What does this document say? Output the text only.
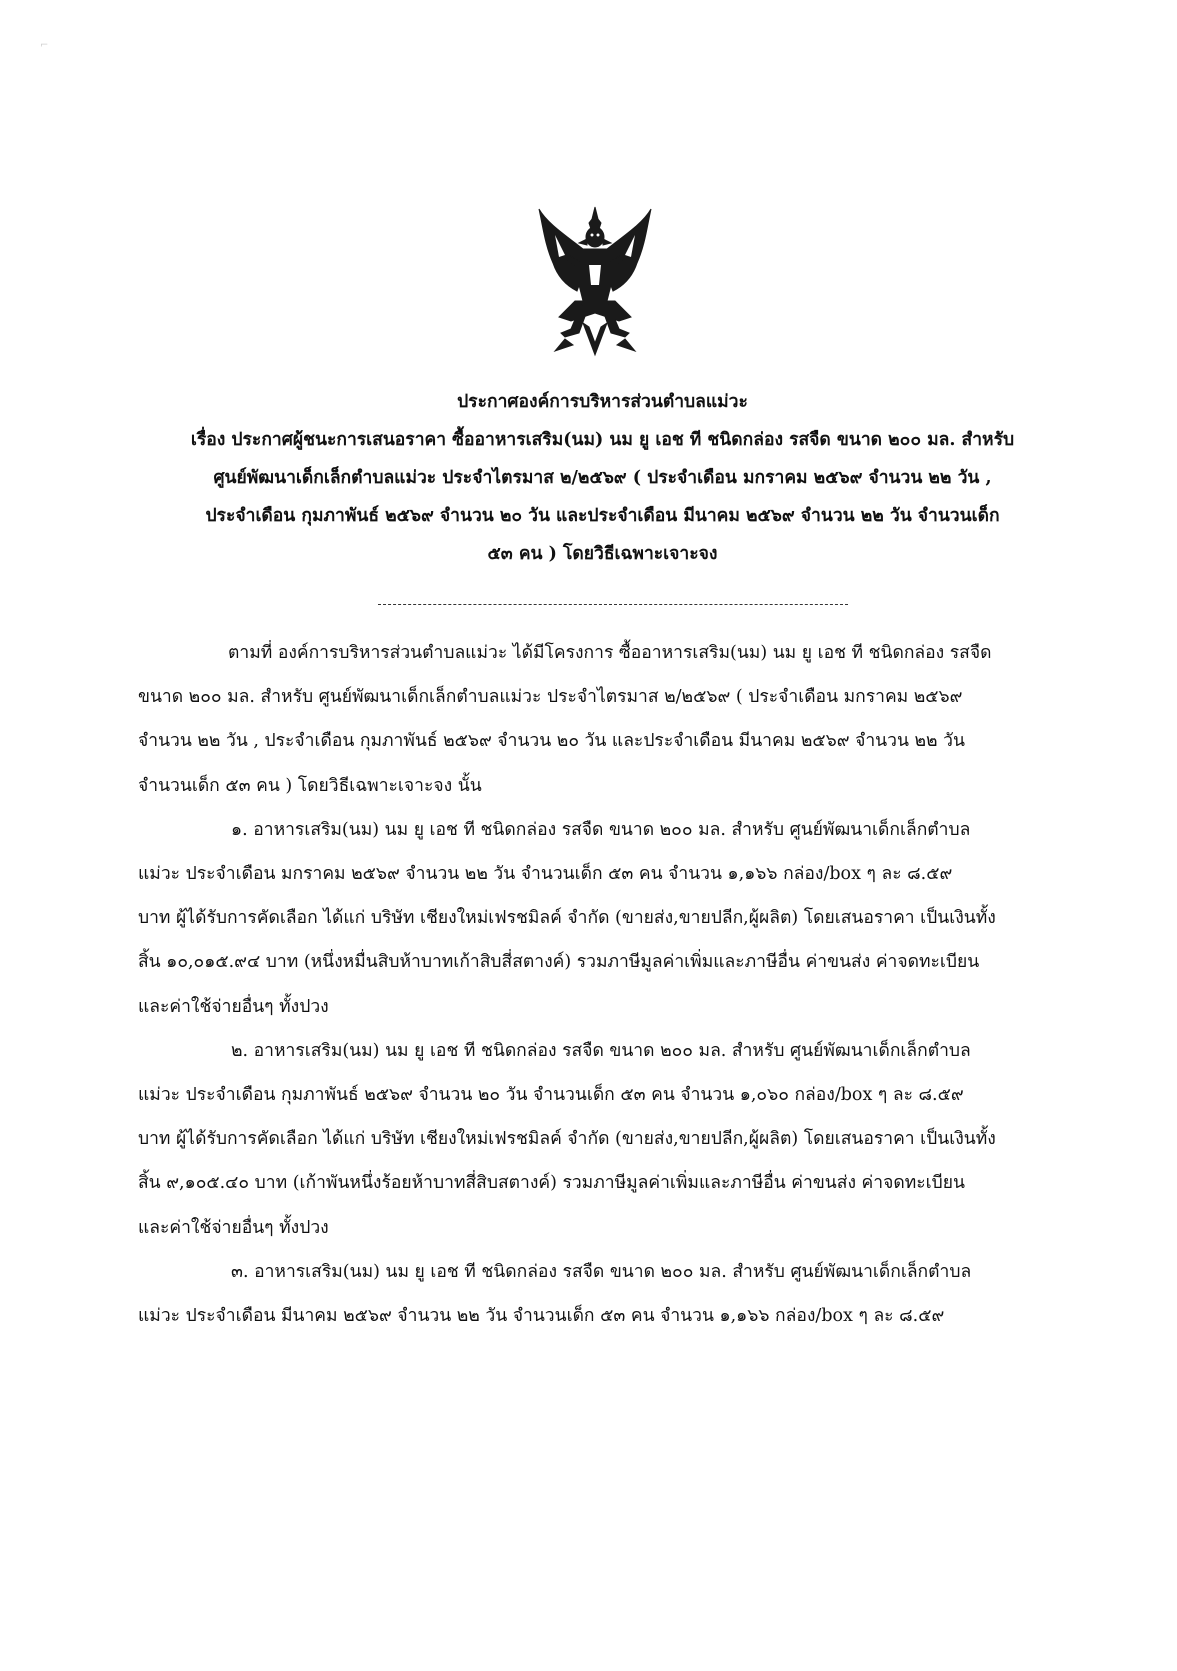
⌐
ประกาศองค์การบริหารส่วนตำบลแม่วะ
เรื่อง ประกาศผู้ชนะการเสนอราคา ซื้ออาหารเสริม(นม) นม ยู เอช ที ชนิดกล่อง รสจืด ขนาด ๒๐๐ มล. สำหรับ
ศูนย์พัฒนาเด็กเล็กตำบลแม่วะ ประจำไตรมาส ๒/๒๕๖๙ ( ประจำเดือน มกราคม ๒๕๖๙ จำนวน ๒๒ วัน ,
ประจำเดือน กุมภาพันธ์ ๒๕๖๙ จำนวน ๒๐ วัน และประจำเดือน มีนาคม ๒๕๖๙ จำนวน ๒๒ วัน จำนวนเด็ก
๕๓ คน ) โดยวิธีเฉพาะเจาะจง
ตามที่ องค์การบริหารส่วนตำบลแม่วะ ได้มีโครงการ ซื้ออาหารเสริม(นม) นม ยู เอช ที ชนิดกล่อง รสจืด
ขนาด ๒๐๐ มล. สำหรับ ศูนย์พัฒนาเด็กเล็กตำบลแม่วะ ประจำไตรมาส ๒/๒๕๖๙ ( ประจำเดือน มกราคม ๒๕๖๙
จำนวน ๒๒ วัน , ประจำเดือน กุมภาพันธ์ ๒๕๖๙ จำนวน ๒๐ วัน และประจำเดือน มีนาคม ๒๕๖๙ จำนวน ๒๒ วัน
จำนวนเด็ก ๕๓ คน ) โดยวิธีเฉพาะเจาะจง นั้น
๑. อาหารเสริม(นม) นม ยู เอช ที ชนิดกล่อง รสจืด ขนาด ๒๐๐ มล. สำหรับ ศูนย์พัฒนาเด็กเล็กตำบล
แม่วะ ประจำเดือน มกราคม ๒๕๖๙ จำนวน ๒๒ วัน จำนวนเด็ก ๕๓ คน จำนวน ๑,๑๖๖ กล่อง/box ๆ ละ ๘.๕๙
บาท ผู้ได้รับการคัดเลือก ได้แก่ บริษัท เชียงใหม่เฟรชมิลค์ จำกัด (ขายส่ง,ขายปลีก,ผู้ผลิต) โดยเสนอราคา เป็นเงินทั้ง
สิ้น ๑๐,๐๑๕.๙๔ บาท (หนึ่งหมื่นสิบห้าบาทเก้าสิบสี่สตางค์) รวมภาษีมูลค่าเพิ่มและภาษีอื่น ค่าขนส่ง ค่าจดทะเบียน
และค่าใช้จ่ายอื่นๆ ทั้งปวง
๒. อาหารเสริม(นม) นม ยู เอช ที ชนิดกล่อง รสจืด ขนาด ๒๐๐ มล. สำหรับ ศูนย์พัฒนาเด็กเล็กตำบล
แม่วะ ประจำเดือน กุมภาพันธ์ ๒๕๖๙ จำนวน ๒๐ วัน จำนวนเด็ก ๕๓ คน จำนวน ๑,๐๖๐ กล่อง/box ๆ ละ ๘.๕๙
บาท ผู้ได้รับการคัดเลือก ได้แก่ บริษัท เชียงใหม่เฟรชมิลค์ จำกัด (ขายส่ง,ขายปลีก,ผู้ผลิต) โดยเสนอราคา เป็นเงินทั้ง
สิ้น ๙,๑๐๕.๔๐ บาท (เก้าพันหนึ่งร้อยห้าบาทสี่สิบสตางค์) รวมภาษีมูลค่าเพิ่มและภาษีอื่น ค่าขนส่ง ค่าจดทะเบียน
และค่าใช้จ่ายอื่นๆ ทั้งปวง
๓. อาหารเสริม(นม) นม ยู เอช ที ชนิดกล่อง รสจืด ขนาด ๒๐๐ มล. สำหรับ ศูนย์พัฒนาเด็กเล็กตำบล
แม่วะ ประจำเดือน มีนาคม ๒๕๖๙ จำนวน ๒๒ วัน จำนวนเด็ก ๕๓ คน จำนวน ๑,๑๖๖ กล่อง/box ๆ ละ ๘.๕๙
